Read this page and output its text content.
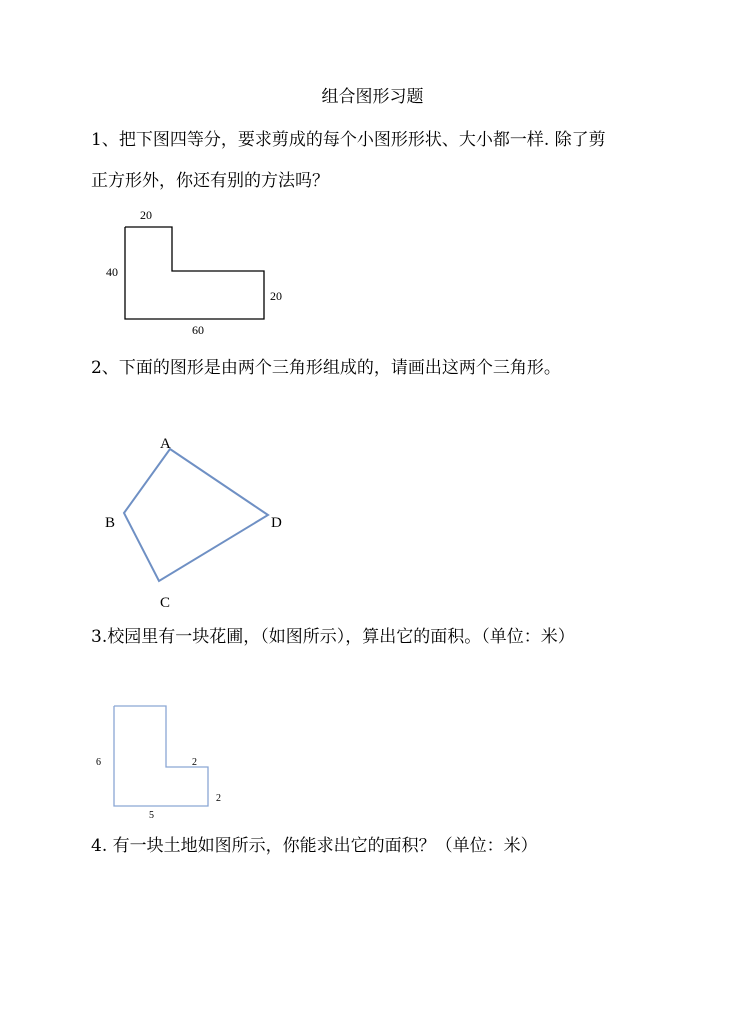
组合图形习题
1、把下图四等分，要求剪成的每个小图形形状、大小都一样. 除了剪
正方形外，你还有别的方法吗？
20
40
20
60
2、下面的图形是由两个三角形组成的，请画出这两个三角形。
A
B
C
D
3.校园里有一块花圃，（如图所示），算出它的面积。（单位：米）
6	2
2
5
4. 有一块土地如图所示，你能求出它的面积？（单位：米）
